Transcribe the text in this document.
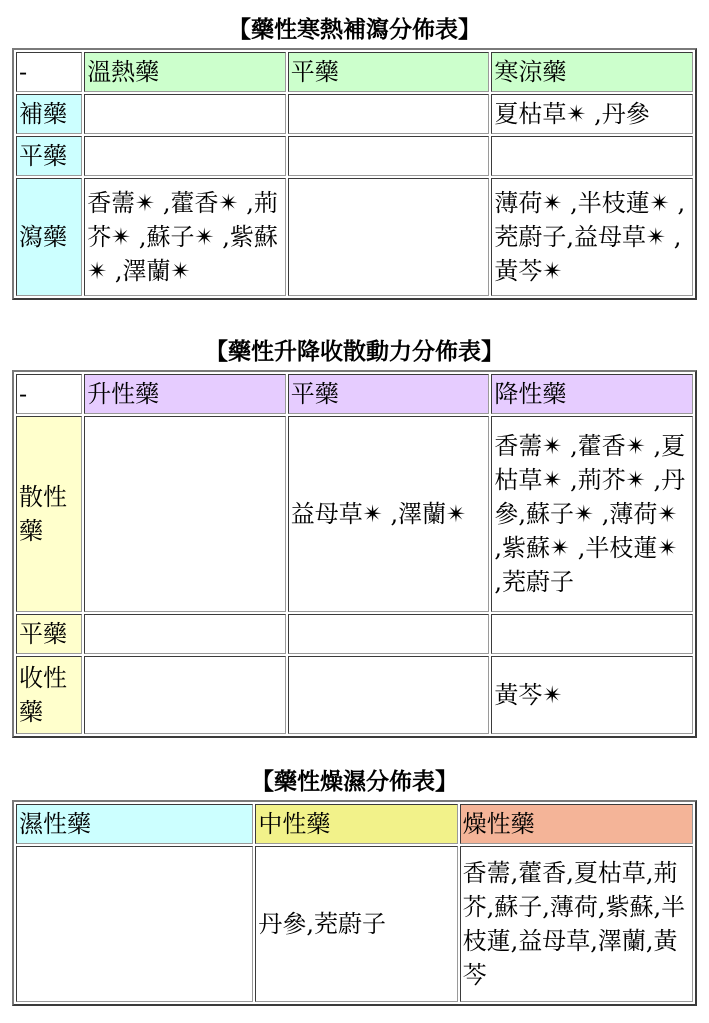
【藥性寒熱補瀉分佈表】
-	溫熱藥	平藥	寒涼藥
補藥			夏枯草✴ ,丹參
平藥			
瀉藥	香薷✴ ,藿香✴ ,荊芥✴ ,蘇子✴ ,紫蘇✴ ,澤蘭✴		薄荷✴ ,半枝蓮✴ ,茺蔚子,益母草✴ ,黃芩✴
【藥性升降收散動力分佈表】
-	升性藥	平藥	降性藥
散性藥		益母草✴ ,澤蘭✴	香薷✴ ,藿香✴ ,夏枯草✴ ,荊芥✴ ,丹參,蘇子✴ ,薄荷✴ ,紫蘇✴ ,半枝蓮✴ ,茺蔚子
平藥			
收性藥			黃芩✴
【藥性燥濕分佈表】
濕性藥	中性藥	燥性藥
	丹參,茺蔚子	香薷,藿香,夏枯草,荊芥,蘇子,薄荷,紫蘇,半枝蓮,益母草,澤蘭,黃芩
